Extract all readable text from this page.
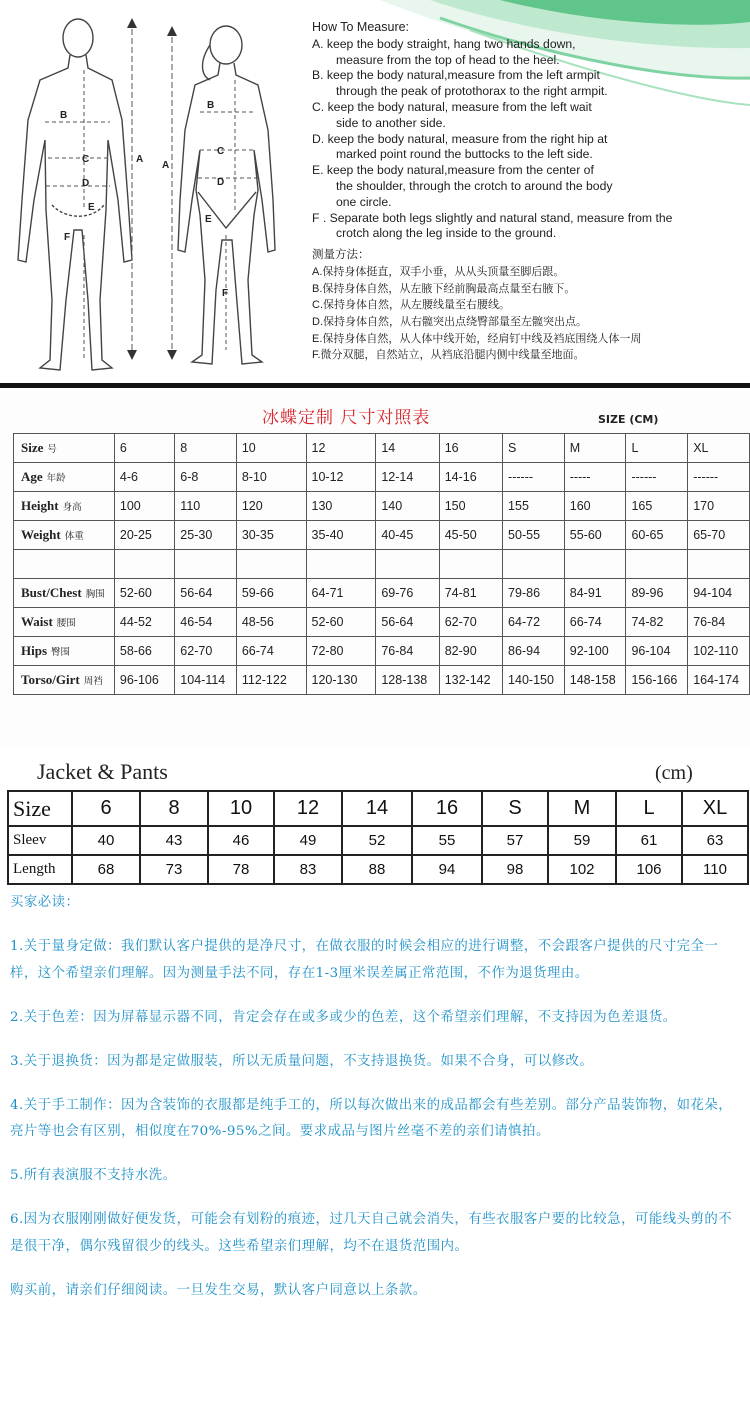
B
C
D
E
F
A
A
B
C
D
E
F
How To Measure:
A. keep the body straight, hang two hands down,
measure from the top of head to the heel.
B. keep the body natural,measure from the left armpit
through the peak of protothorax to the right armpit.
C. keep the body natural, measure from the left wait
side to another side.
D. keep the body natural, measure from the right hip at
marked point round the buttocks to the left side.
E. keep the body natural,measure from the center of
the shoulder, through the crotch to around the body
one circle.
F . Separate both legs slightly and natural stand, measure from the
crotch along the leg inside to the ground.
测量方法：
A.保持身体挺直，双手小垂，从从头顶量至脚后跟。
B.保持身体自然，从左腋下经前胸最高点量至右腋下。
C.保持身体自然，从左腰线量至右腰线。
D.保持身体自然，从右髋突出点绕臀部量至左髋突出点。
E.保持身体自然，从人体中线开始，经肩钉中线及裆底围绕人体一周
F.微分双腿，自然站立，从裆底沿腿内侧中线量至地面。
冰蝶定制 尺寸对照表	SIZE (CM)
Size 号	6	8	10	12	14	16	S	M	L	XL
Age 年龄	4-6	6-8	8-10	10-12	12-14	14-16	------	-----	------	------
Height 身高	100	110	120	130	140	150	155	160	165	170
Weight 体重	20-25	25-30	30-35	35-40	40-45	45-50	50-55	55-60	60-65	65-70

Bust/Chest 胸围	52-60	56-64	59-66	64-71	69-76	74-81	79-86	84-91	89-96	94-104
Waist 腰围	44-52	46-54	48-56	52-60	56-64	62-70	64-72	66-74	74-82	76-84
Hips 臀围	58-66	62-70	66-74	72-80	76-84	82-90	86-94	92-100	96-104	102-110
Torso/Girt 周裆	96-106	104-114	112-122	120-130	128-138	132-142	140-150	148-158	156-166	164-174
Jacket & Pants	(cm)
Size	6	8	10	12	14	16	S	M	L	XL
Sleev	40	43	46	49	52	55	57	59	61	63
Length	68	73	78	83	88	94	98	102	106	110

买家必读：

1.关于量身定做：我们默认客户提供的是净尺寸，在做衣服的时候会相应的进行调整，不会跟客户提供的尺寸完全一样，这个希望亲们理解。因为测量手法不同，存在1-3厘米误差属正常范围，不作为退货理由。

2.关于色差：因为屏幕显示器不同，肯定会存在或多或少的色差，这个希望亲们理解，不支持因为色差退货。

3.关于退换货：因为都是定做服装，所以无质量问题，不支持退换货。如果不合身，可以修改。

4.关于手工制作：因为含装饰的衣服都是纯手工的，所以每次做出来的成品都会有些差别。部分产品装饰物，如花朵，亮片等也会有区别，相似度在70%-95%之间。要求成品与图片丝毫不差的亲们请慎拍。

5.所有表演服不支持水洗。

6.因为衣服刚刚做好便发货，可能会有划粉的痕迹，过几天自己就会消失，有些衣服客户要的比较急，可能线头剪的不是很干净，偶尔残留很少的线头。这些希望亲们理解，均不在退货范围内。

购买前，请亲们仔细阅读。一旦发生交易，默认客户同意以上条款。
